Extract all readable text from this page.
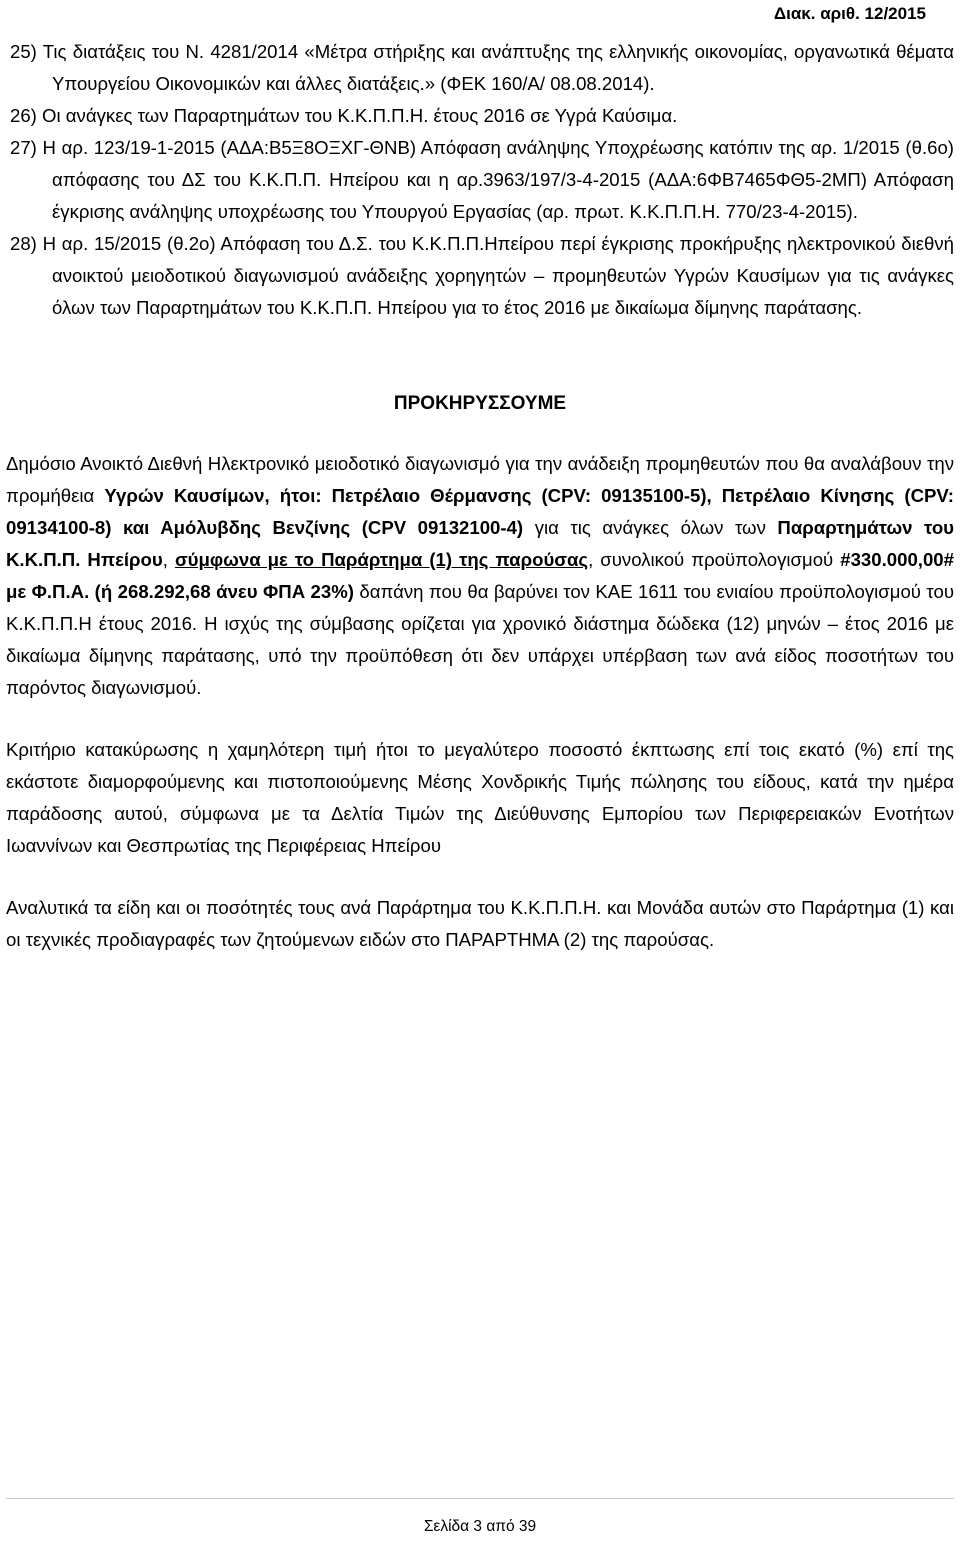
Διακ. αριθ. 12/2015

25) Τις διατάξεις του Ν. 4281/2014 «Μέτρα στήριξης και ανάπτυξης της ελληνικής οικονομίας, οργανωτικά θέματα Υπουργείου Οικονομικών και άλλες διατάξεις.» (ΦΕΚ 160/Α/ 08.08.2014).

26) Οι ανάγκες των Παραρτημάτων του Κ.Κ.Π.Π.Η. έτους 2016 σε Υγρά Καύσιμα.

27) Η αρ. 123/19-1-2015 (ΑΔΑ:Β5Ξ8ΟΞΧΓ-ΘΝΒ) Απόφαση ανάληψης Υποχρέωσης κατόπιν της αρ. 1/2015 (θ.6ο) απόφασης του ΔΣ του Κ.Κ.Π.Π. Ηπείρου και η αρ.3963/197/3-4-2015 (ΑΔΑ:6ΦΒ7465ΦΘ5-2ΜΠ) Απόφαση έγκρισης ανάληψης υποχρέωσης του Υπουργού Εργασίας (αρ. πρωτ. Κ.Κ.Π.Π.Η. 770/23-4-2015).

28) Η αρ. 15/2015 (θ.2ο) Απόφαση του Δ.Σ. του Κ.Κ.Π.Π.Ηπείρου περί έγκρισης προκήρυξης ηλεκτρονικού διεθνή ανοικτού μειοδοτικού διαγωνισμού ανάδειξης χορηγητών – προμηθευτών Υγρών Καυσίμων για τις ανάγκες όλων των Παραρτημάτων του Κ.Κ.Π.Π. Ηπείρου για το έτος 2016 με δικαίωμα δίμηνης παράτασης.

ΠΡΟΚΗΡΥΣΣΟΥΜΕ

Δημόσιο Ανοικτό Διεθνή Ηλεκτρονικό μειοδοτικό διαγωνισμό για την ανάδειξη προμηθευτών που θα αναλάβουν την προμήθεια Υγρών Καυσίμων, ήτοι: Πετρέλαιο Θέρμανσης (CPV: 09135100-5), Πετρέλαιο Κίνησης (CPV: 09134100-8) και Αμόλυβδης Βενζίνης (CPV 09132100-4) για τις ανάγκες όλων των Παραρτημάτων του Κ.Κ.Π.Π. Ηπείρου, σύμφωνα με το Παράρτημα (1) της παρούσας, συνολικού προϋπολογισμού #330.000,00# με Φ.Π.Α. (ή 268.292,68 άνευ ΦΠΑ 23%) δαπάνη που θα βαρύνει τον ΚΑΕ 1611 του ενιαίου προϋπολογισμού του Κ.Κ.Π.Π.Η έτους 2016. Η ισχύς της σύμβασης ορίζεται για χρονικό διάστημα δώδεκα (12) μηνών – έτος 2016 με δικαίωμα δίμηνης παράτασης, υπό την προϋπόθεση ότι δεν υπάρχει υπέρβαση των ανά είδος ποσοτήτων του παρόντος διαγωνισμού.

Κριτήριο κατακύρωσης η χαμηλότερη τιμή ήτοι το μεγαλύτερο ποσοστό έκπτωσης επί τοις εκατό (%) επί της εκάστοτε διαμορφούμενης και πιστοποιούμενης Μέσης Χονδρικής Τιμής πώλησης του είδους, κατά την ημέρα παράδοσης αυτού, σύμφωνα με τα Δελτία Τιμών της Διεύθυνσης Εμπορίου των Περιφερειακών Ενοτήτων Ιωαννίνων και Θεσπρωτίας της Περιφέρειας Ηπείρου

Αναλυτικά τα είδη και οι ποσότητές τους ανά Παράρτημα του Κ.Κ.Π.Π.Η. και Μονάδα αυτών στο Παράρτημα (1) και οι τεχνικές προδιαγραφές των ζητούμενων ειδών στο ΠΑΡΑΡΤΗΜΑ (2) της παρούσας.

Σελίδα 3 από 39
